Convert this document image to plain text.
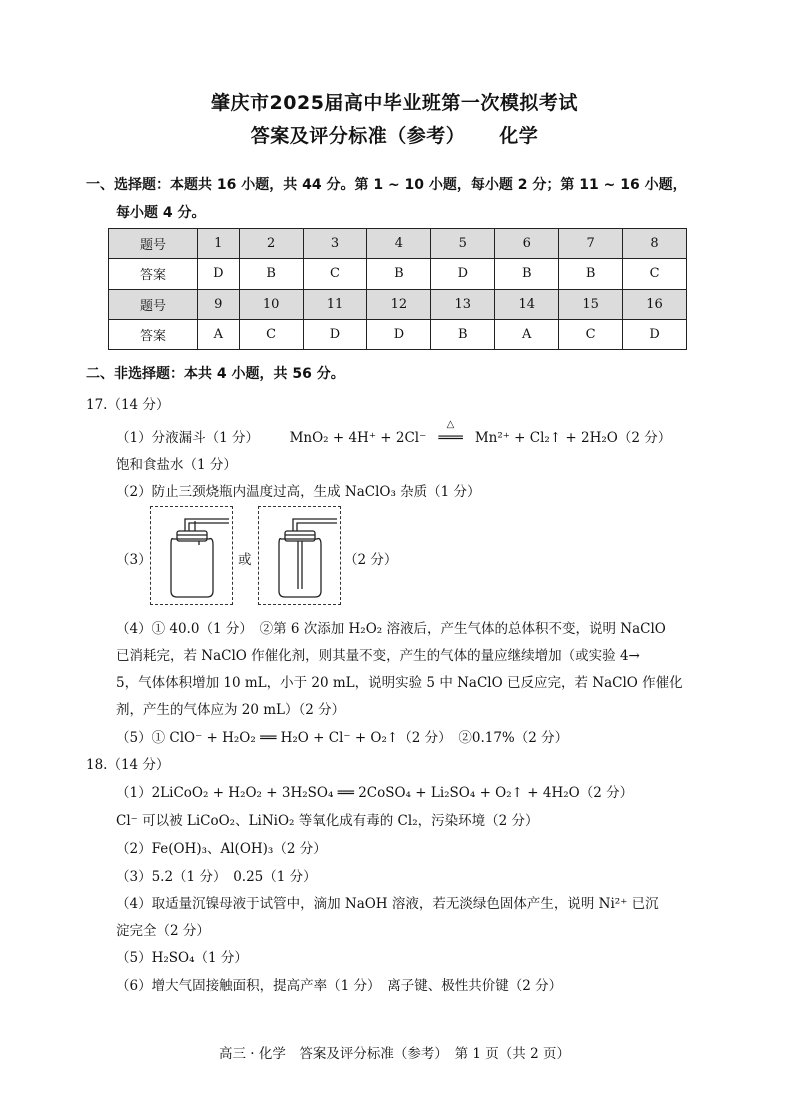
肇庆市2025届高中毕业班第一次模拟考试
答案及评分标准（参考） 化学
一、选择题：本题共 16 小题，共 44 分。第 1 ~ 10 小题，每小题 2 分；第 11 ~ 16 小题，
每小题 4 分。
题号	1	2	3	4	5	6	7	8
答案	D	B	C	B	D	B	B	C
题号	9	10	11	12	13	14	15	16
答案	A	C	D	D	B	A	C	D
二、非选择题：本共 4 小题，共 56 分。
17.（14 分）
（1）分液漏斗（1 分） MnO₂ + 4H⁺ + 2Cl⁻
△
═══ Mn²⁺ + Cl₂↑ + 2H₂O（2 分）
饱和食盐水（1 分）
（2）防止三颈烧瓶内温度过高，生成 NaClO₃ 杂质（1 分）
（3）	或	（2 分）
（4）① 40.0（1 分）　②第 6 次添加 H₂O₂ 溶液后，产生气体的总体积不变，说明 NaClO
已消耗完，若 NaClO 作催化剂，则其量不变，产生的气体的量应继续增加（或实验 4→
5，气体体积增加 10 mL，小于 20 mL，说明实验 5 中 NaClO 已反应完，若 NaClO 作催化
剂，产生的气体应为 20 mL）（2 分）
（5）① ClO⁻ + H₂O₂ ══ H₂O + Cl⁻ + O₂↑（2 分）　②0.17%（2 分）
18.（14 分）
（1）2LiCoO₂ + H₂O₂ + 3H₂SO₄ ══ 2CoSO₄ + Li₂SO₄ + O₂↑ + 4H₂O（2 分）
Cl⁻ 可以被 LiCoO₂、LiNiO₂ 等氧化成有毒的 Cl₂，污染环境（2 分）
（2）Fe(OH)₃、Al(OH)₃（2 分）
（3）5.2（1 分）　0.25（1 分）
（4）取适量沉镍母液于试管中，滴加 NaOH 溶液，若无淡绿色固体产生，说明 Ni²⁺ 已沉
淀完全（2 分）
（5）H₂SO₄（1 分）
（6）增大气固接触面积，提高产率（1 分）　离子键、极性共价键（2 分）
高三 · 化学　答案及评分标准（参考）　第 1 页（共 2 页）
